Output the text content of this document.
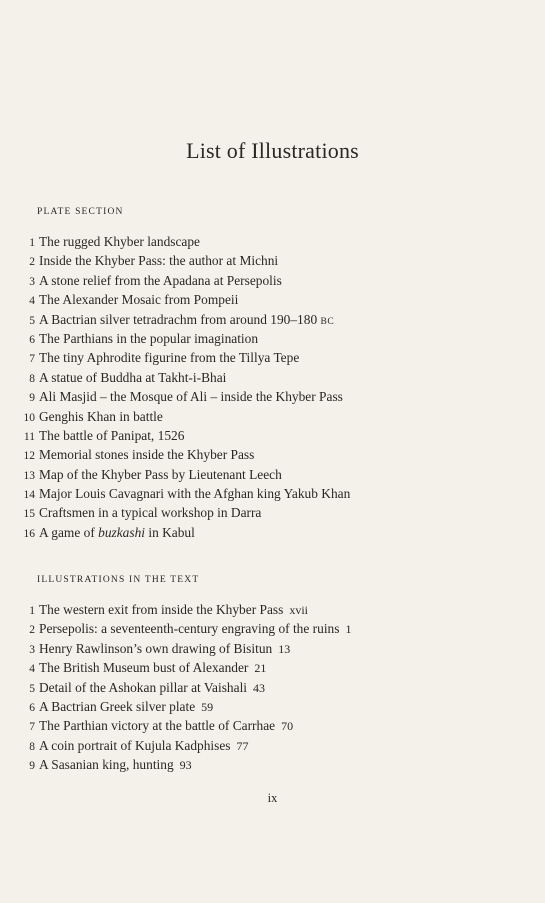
List of Illustrations
PLATE SECTION
1 The rugged Khyber landscape
2 Inside the Khyber Pass: the author at Michni
3 A stone relief from the Apadana at Persepolis
4 The Alexander Mosaic from Pompeii
5 A Bactrian silver tetradrachm from around 190–180 BC
6 The Parthians in the popular imagination
7 The tiny Aphrodite figurine from the Tillya Tepe
8 A statue of Buddha at Takht-i-Bhai
9 Ali Masjid – the Mosque of Ali – inside the Khyber Pass
10 Genghis Khan in battle
11 The battle of Panipat, 1526
12 Memorial stones inside the Khyber Pass
13 Map of the Khyber Pass by Lieutenant Leech
14 Major Louis Cavagnari with the Afghan king Yakub Khan
15 Craftsmen in a typical workshop in Darra
16 A game of buzkashi in Kabul
ILLUSTRATIONS IN THE TEXT
1 The western exit from inside the Khyber Pass xvii
2 Persepolis: a seventeenth-century engraving of the ruins 1
3 Henry Rawlinson’s own drawing of Bisitun 13
4 The British Museum bust of Alexander 21
5 Detail of the Ashokan pillar at Vaishali 43
6 A Bactrian Greek silver plate 59
7 The Parthian victory at the battle of Carrhae 70
8 A coin portrait of Kujula Kadphises 77
9 A Sasanian king, hunting 93
ix
